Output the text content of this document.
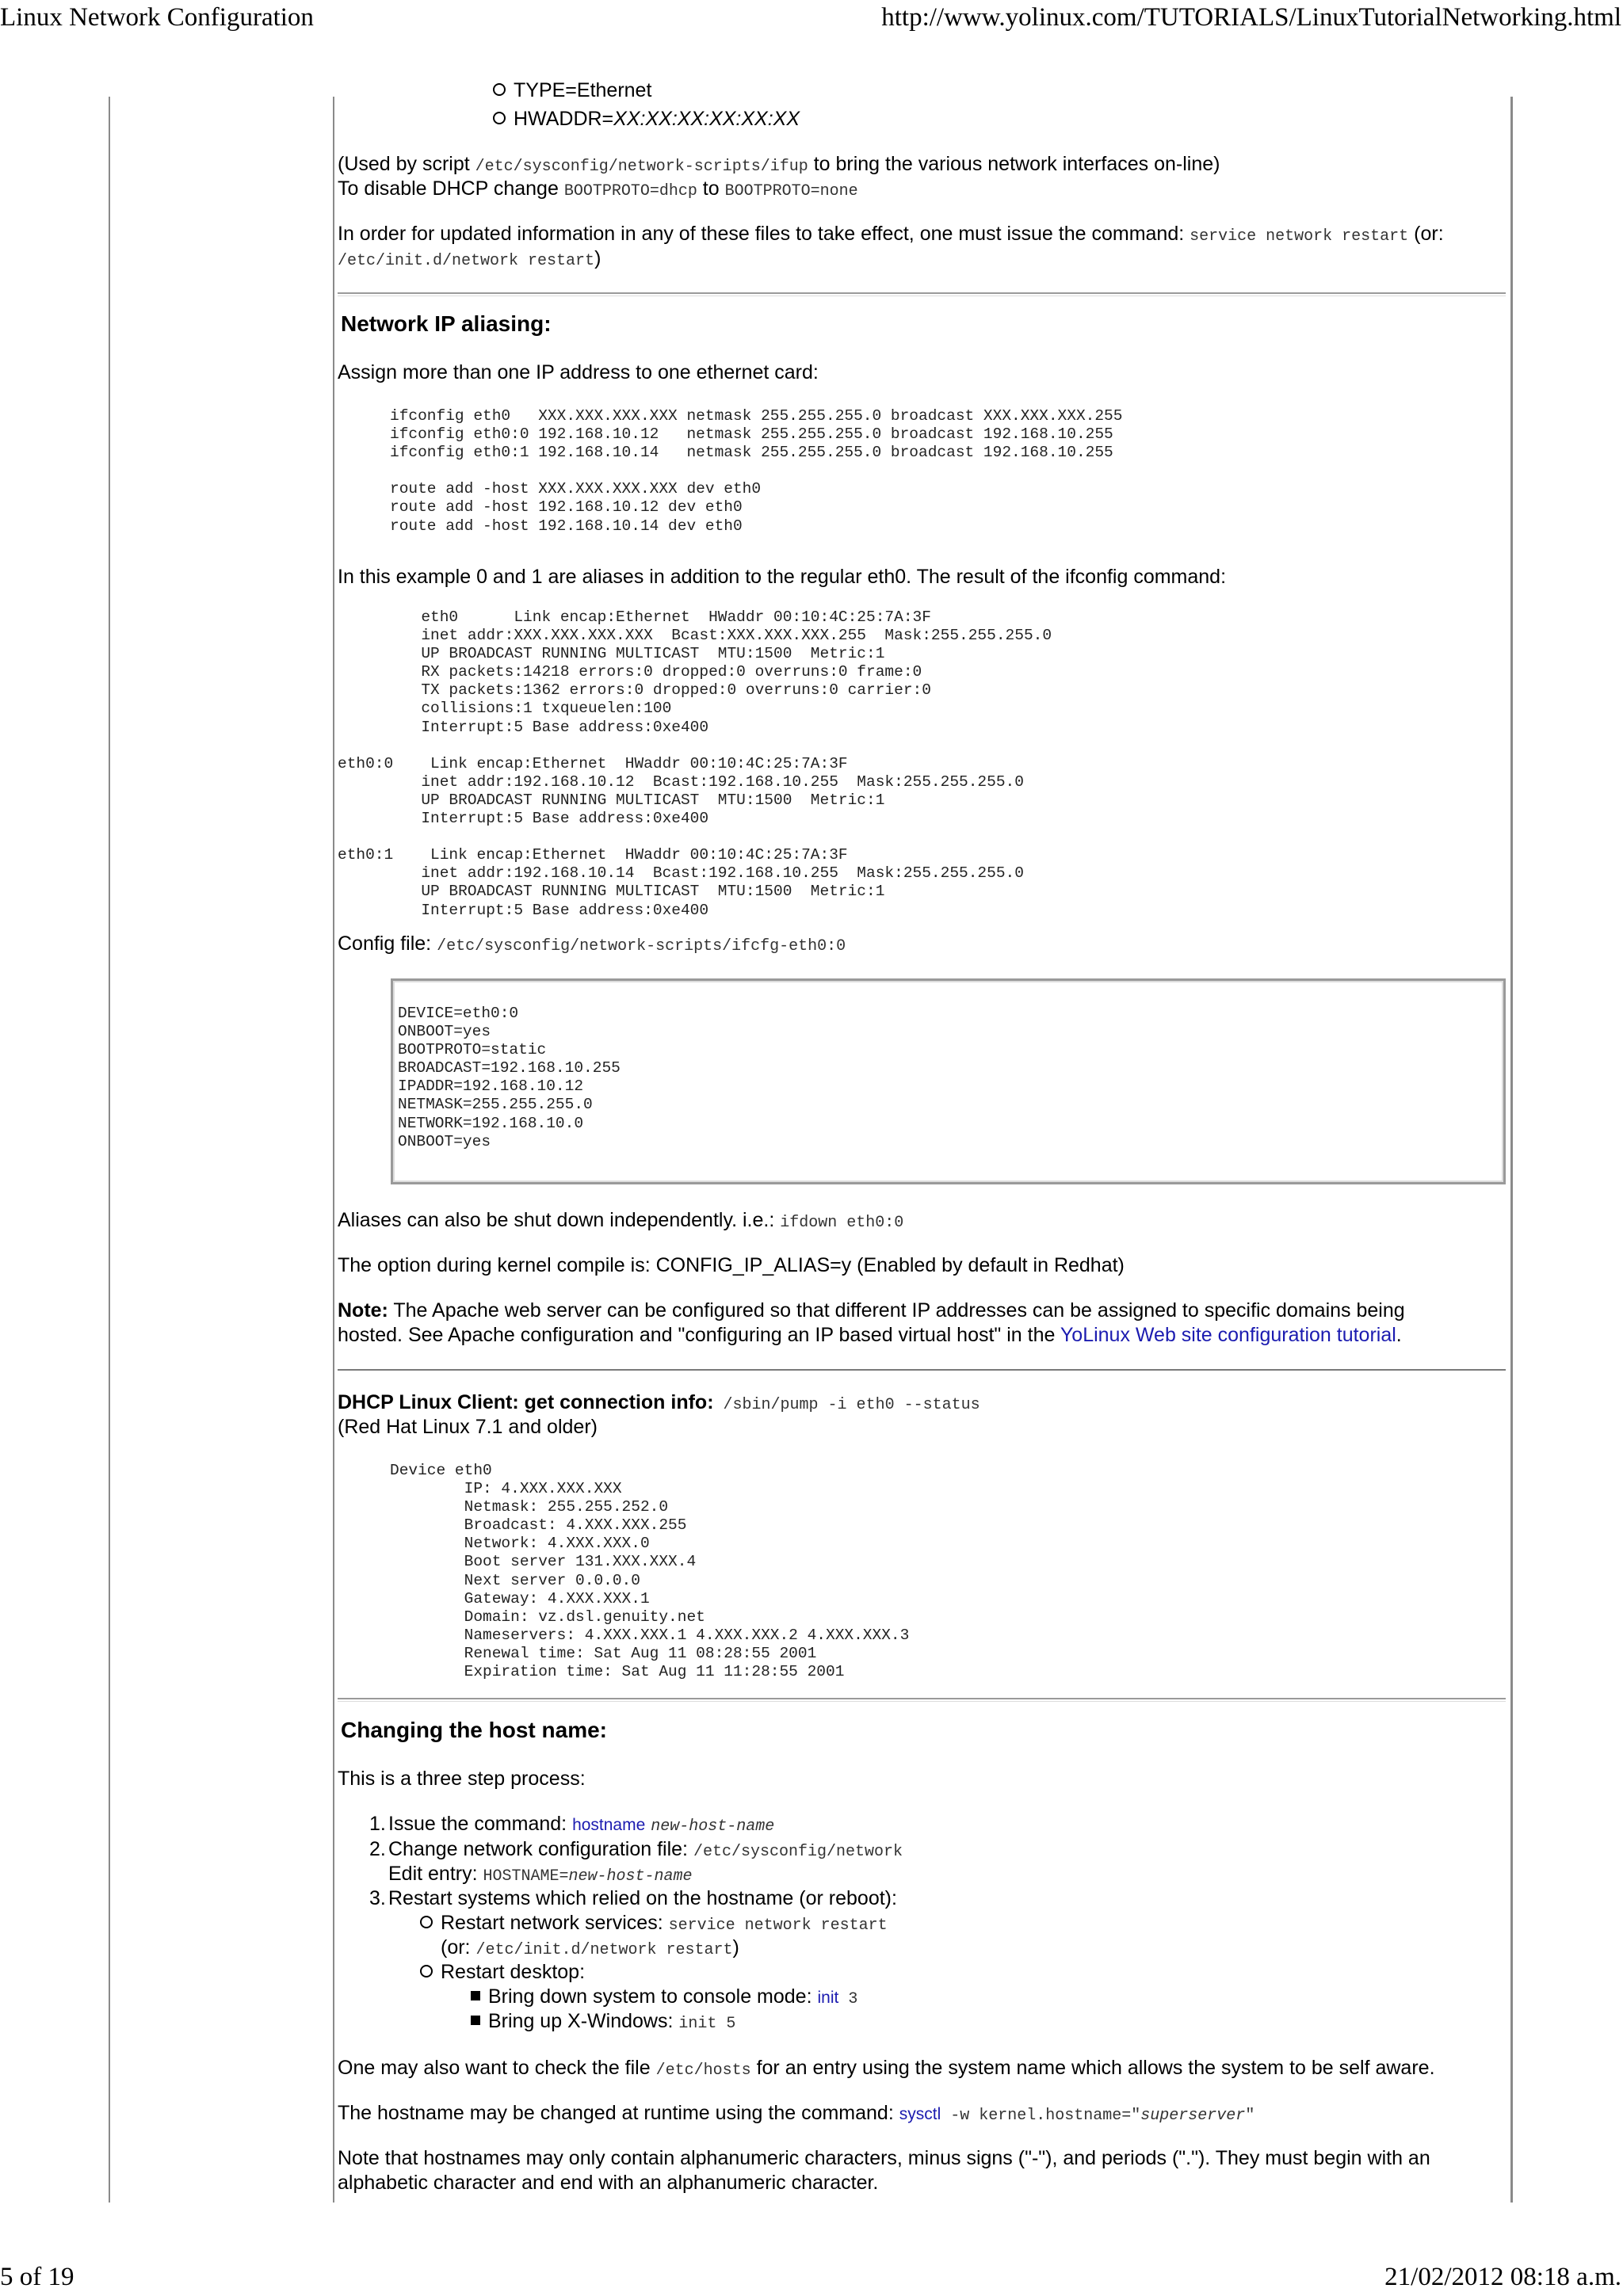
Linux Network Configuration	http://www.yolinux.com/TUTORIALS/LinuxTutorialNetworking.html
TYPE=Ethernet
HWADDR=XX:XX:XX:XX:XX:XX
(Used by script /etc/sysconfig/network-scripts/ifup to bring the various network interfaces on-line)
To disable DHCP change BOOTPROTO=dhcp to BOOTPROTO=none
In order for updated information in any of these files to take effect, one must issue the command: service network restart (or:
/etc/init.d/network restart)
Network IP aliasing:
Assign more than one IP address to one ethernet card:
ifconfig eth0   XXX.XXX.XXX.XXX netmask 255.255.255.0 broadcast XXX.XXX.XXX.255
ifconfig eth0:0 192.168.10.12   netmask 255.255.255.0 broadcast 192.168.10.255
ifconfig eth0:1 192.168.10.14   netmask 255.255.255.0 broadcast 192.168.10.255

route add -host XXX.XXX.XXX.XXX dev eth0
route add -host 192.168.10.12 dev eth0
route add -host 192.168.10.14 dev eth0
In this example 0 and 1 are aliases in addition to the regular eth0. The result of the ifconfig command:
eth0      Link encap:Ethernet  HWaddr 00:10:4C:25:7A:3F
inet addr:XXX.XXX.XXX.XXX  Bcast:XXX.XXX.XXX.255  Mask:255.255.255.0
UP BROADCAST RUNNING MULTICAST  MTU:1500  Metric:1
RX packets:14218 errors:0 dropped:0 overruns:0 frame:0
TX packets:1362 errors:0 dropped:0 overruns:0 carrier:0
collisions:1 txqueuelen:100
Interrupt:5 Base address:0xe400

eth0:0    Link encap:Ethernet  HWaddr 00:10:4C:25:7A:3F
inet addr:192.168.10.12  Bcast:192.168.10.255  Mask:255.255.255.0
UP BROADCAST RUNNING MULTICAST  MTU:1500  Metric:1
Interrupt:5 Base address:0xe400

eth0:1    Link encap:Ethernet  HWaddr 00:10:4C:25:7A:3F
inet addr:192.168.10.14  Bcast:192.168.10.255  Mask:255.255.255.0
UP BROADCAST RUNNING MULTICAST  MTU:1500  Metric:1
Interrupt:5 Base address:0xe400
Config file: /etc/sysconfig/network-scripts/ifcfg-eth0:0
DEVICE=eth0:0
ONBOOT=yes
BOOTPROTO=static
BROADCAST=192.168.10.255
IPADDR=192.168.10.12
NETMASK=255.255.255.0
NETWORK=192.168.10.0
ONBOOT=yes
Aliases can also be shut down independently. i.e.: ifdown eth0:0
The option during kernel compile is: CONFIG_IP_ALIAS=y (Enabled by default in Redhat)
Note: The Apache web server can be configured so that different IP addresses can be assigned to specific domains being
hosted. See Apache configuration and "configuring an IP based virtual host" in the YoLinux Web site configuration tutorial.
DHCP Linux Client: get connection info: /sbin/pump -i eth0 --status
(Red Hat Linux 7.1 and older)
Device eth0
IP: 4.XXX.XXX.XXX
Netmask: 255.255.252.0
Broadcast: 4.XXX.XXX.255
Network: 4.XXX.XXX.0
Boot server 131.XXX.XXX.4
Next server 0.0.0.0
Gateway: 4.XXX.XXX.1
Domain: vz.dsl.genuity.net
Nameservers: 4.XXX.XXX.1 4.XXX.XXX.2 4.XXX.XXX.3
Renewal time: Sat Aug 11 08:28:55 2001
Expiration time: Sat Aug 11 11:28:55 2001
Changing the host name:
This is a three step process:
1. Issue the command: hostname new-host-name
2. Change network configuration file: /etc/sysconfig/network
Edit entry: HOSTNAME=new-host-name
3. Restart systems which relied on the hostname (or reboot):
Restart network services: service network restart
(or: /etc/init.d/network restart)
Restart desktop:
Bring down system to console mode: init 3
Bring up X-Windows: init 5
One may also want to check the file /etc/hosts for an entry using the system name which allows the system to be self aware.
The hostname may be changed at runtime using the command: sysctl -w kernel.hostname="superserver"
Note that hostnames may only contain alphanumeric characters, minus signs ("-"), and periods ("."). They must begin with an
alphabetic character and end with an alphanumeric character.
5 of 19	21/02/2012 08:18 a.m.
